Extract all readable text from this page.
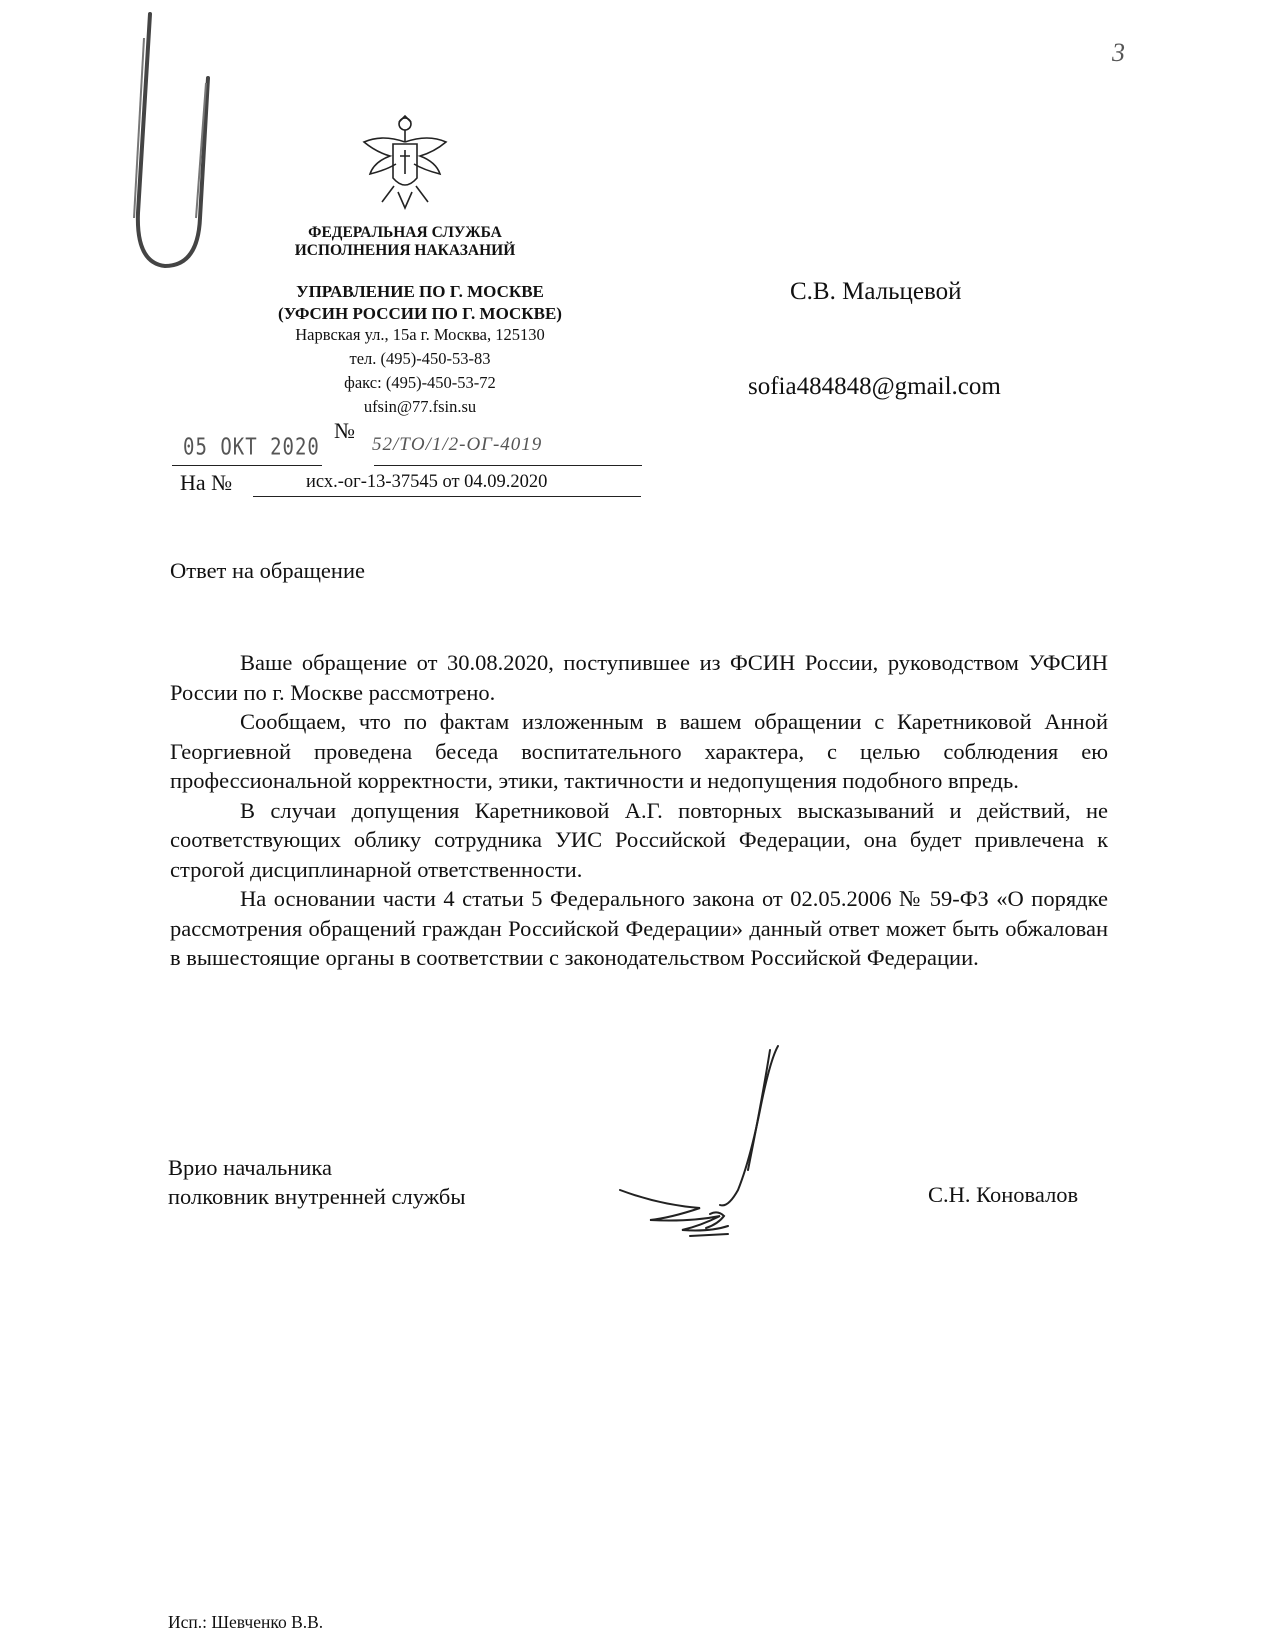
3
ФЕДЕРАЛЬНАЯ СЛУЖБА
ИСПОЛНЕНИЯ НАКАЗАНИЙ
УПРАВЛЕНИЕ ПО Г. МОСКВЕ
(УФСИН РОССИИ ПО Г. МОСКВЕ)
Нарвская ул., 15а г. Москва, 125130
тел. (495)-450-53-83
факс: (495)-450-53-72
ufsin@77.fsin.su
05 ОКТ 2020
№
52/ТО/1/2-ОГ-4019
На №	исх.-ог-13-37545 от 04.09.2020
С.В. Мальцевой
sofia484848@gmail.com
Ответ на обращение

Ваше обращение от 30.08.2020, поступившее из ФСИН России, руководством УФСИН России по г. Москве рассмотрено.

Сообщаем, что по фактам изложенным в вашем обращении с Каретниковой Анной Георгиевной проведена беседа воспитательного характера, с целью соблюдения ею профессиональной корректности, этики, тактичности и недопущения подобного впредь.

В случаи допущения Каретниковой А.Г. повторных высказываний и действий, не соответствующих облику сотрудника УИС Российской Федерации, она будет привлечена к строгой дисциплинарной ответственности.

На основании части 4 статьи 5 Федерального закона от 02.05.2006 № 59-ФЗ «О порядке рассмотрения обращений граждан Российской Федерации» данный ответ может быть обжалован в вышестоящие органы в соответствии с законодательством Российской Федерации.

Врио начальника
полковник внутренней службы	С.Н. Коновалов
Исп.: Шевченко В.В.
